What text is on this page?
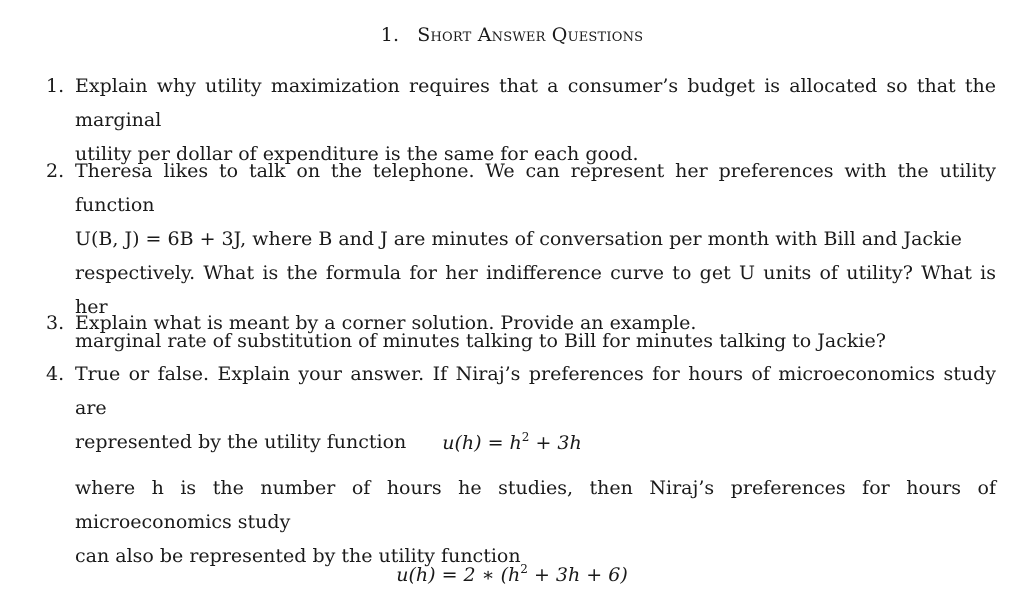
1. Short Answer Questions
1. Explain why utility maximization requires that a consumer’s budget is allocated so that the marginal
utility per dollar of expenditure is the same for each good.
2. Theresa likes to talk on the telephone. We can represent her preferences with the utility function
U(B, J) = 6B + 3J, where B and J are minutes of conversation per month with Bill and Jackie
respectively. What is the formula for her indifference curve to get U units of utility? What is her
marginal rate of substitution of minutes talking to Bill for minutes talking to Jackie?
3. Explain what is meant by a corner solution. Provide an example.
4. True or false. Explain your answer. If Niraj’s preferences for hours of microeconomics study are
represented by the utility function	$u(h) = h^2 + 3h$
where h is the number of hours he studies, then Niraj’s preferences for hours of microeconomics study
can also be represented by the utility function
u(h) = 2 ∗ $(h^2 + 3h + 6)$
